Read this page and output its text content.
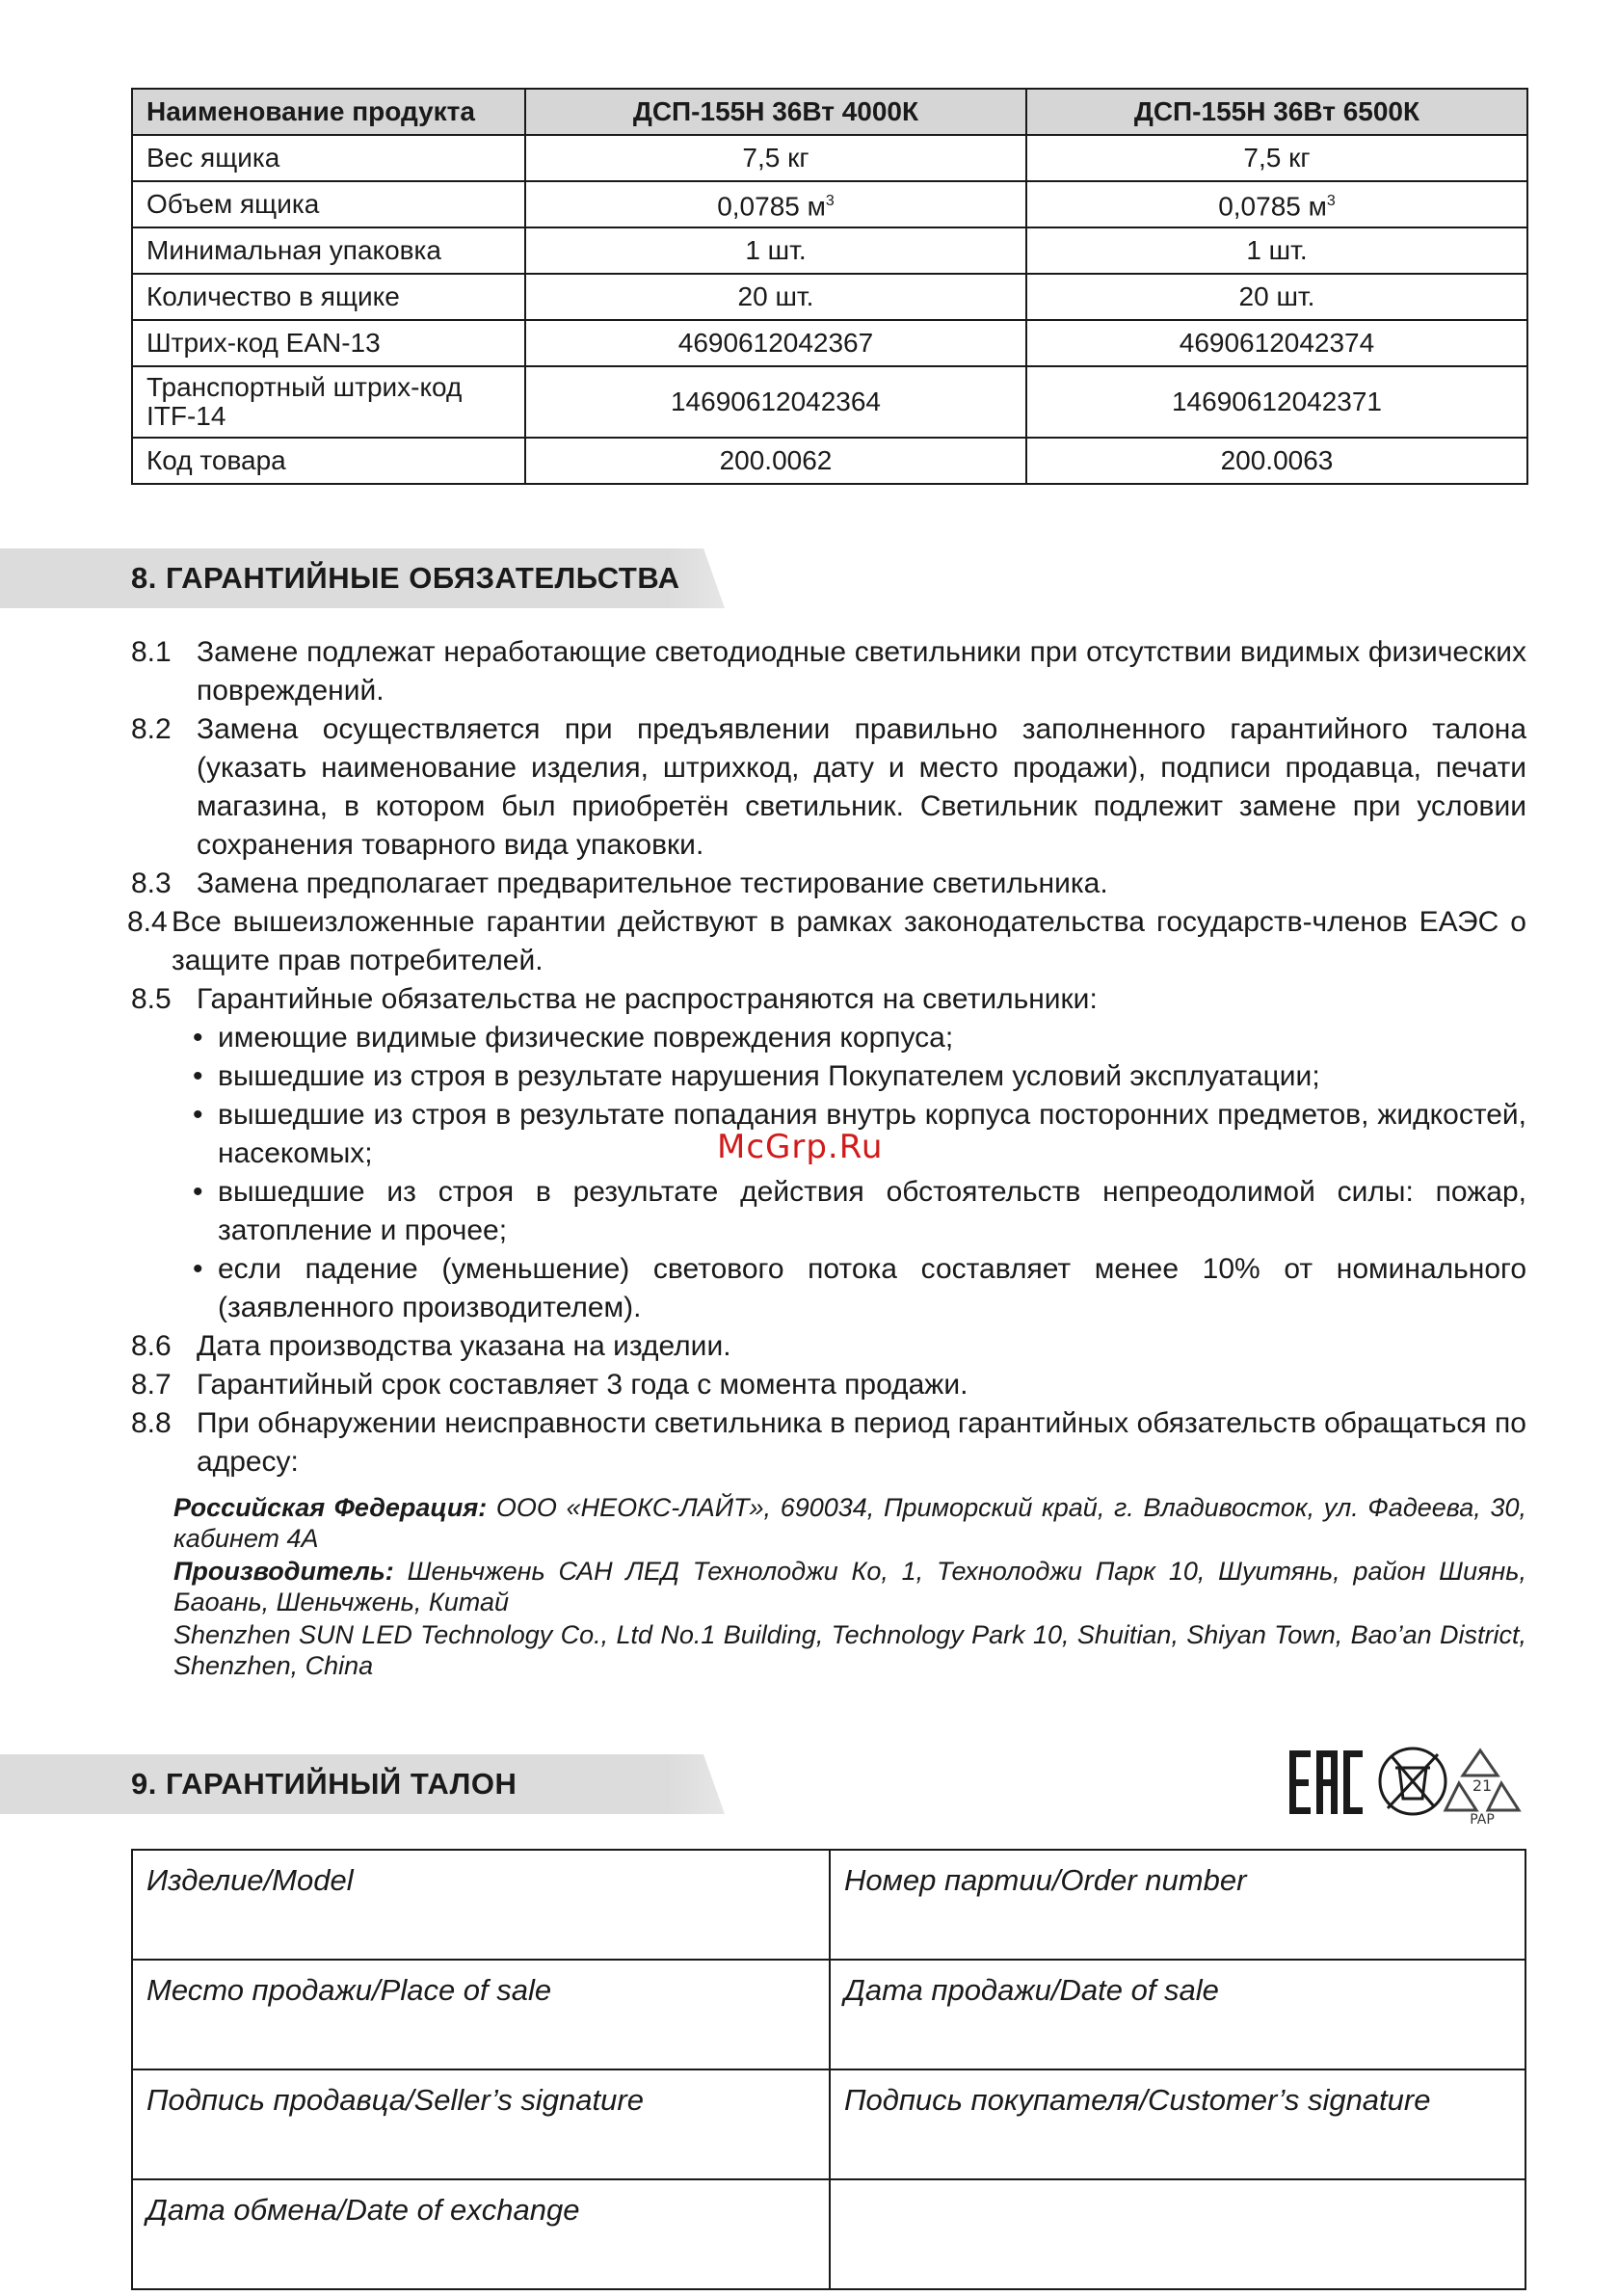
Наименование продукта	ДСП-155Н 36Вт 4000К	ДСП-155Н 36Вт 6500К
Вес ящика	7,5 кг	7,5 кг
Объем ящика	0,0785 $м^3$	0,0785 $м^3$
Минимальная упаковка	1 шт.	1 шт.
Количество в ящике	20 шт.	20 шт.
Штрих-код EAN-13	4690612042367	4690612042374

Транспортный штрих-код
ITF-14	14690612042364	14690612042371
Код товара	200.0062	200.0063
8. ГАРАНТИЙНЫЕ ОБЯЗАТЕЛЬСТВА
8.1 Замене подлежат неработающие светодиодные светильники при отсутствии видимых физических повреждений.
8.2 Замена осуществляется при предъявлении правильно заполненного гарантийного талона (указать наименование изделия, штрихкод, дату и место продажи), подписи продавца, печати магазина, в котором был приобретён светильник. Светильник подлежит замене при условии сохранения товарного вида упаковки.
8.3 Замена предполагает предварительное тестирование светильника.
8.4 Все вышеизложенные гарантии действуют в рамках законодательства государств-членов ЕАЭС о защите прав потребителей.
8.5 Гарантийные обязательства не распространяются на светильники:
• имеющие видимые физические повреждения корпуса;
• вышедшие из строя в результате нарушения Покупателем условий эксплуатации;
• вышедшие из строя в результате попадания внутрь корпуса посторонних предметов, жидкостей, насекомых;
• вышедшие из строя в результате действия обстоятельств непреодолимой силы: пожар, затопление и прочее;
• если падение (уменьшение) светового потока составляет менее 10% от номинального (заявленного производителем).
8.6 Дата производства указана на изделии.
8.7 Гарантийный срок составляет 3 года с момента продажи.
8.8 При обнаружении неисправности светильника в период гарантийных обязательств обращаться по адресу:

Российская Федерация: ООО «НЕОКС-ЛАЙТ», 690034, Приморский край, г. Владивосток, ул. Фадеева, 30, кабинет 4А

Производитель: Шеньчжень САН ЛЕД Технолоджи Ко, 1, Технолоджи Парк 10, Шуитянь, район Шиянь, Баоань, Шеньчжень, Китай

Shenzhen SUN LED Technology Co., Ltd No.1 Building, Technology Park 10, Shuitian, Shiyan Town, Bao’an District, Shenzhen, China

McGrp.Ru
9. ГАРАНТИЙНЫЙ ТАЛОН	21
PAP
Изделие/Model	Номер партии/Order number
Место продажи/Place of sale	Дата продажи/Date of sale
Подпись продавца/Seller’s signature	Подпись покупателя/Customer’s signature
Дата обмена/Date of exchange	
